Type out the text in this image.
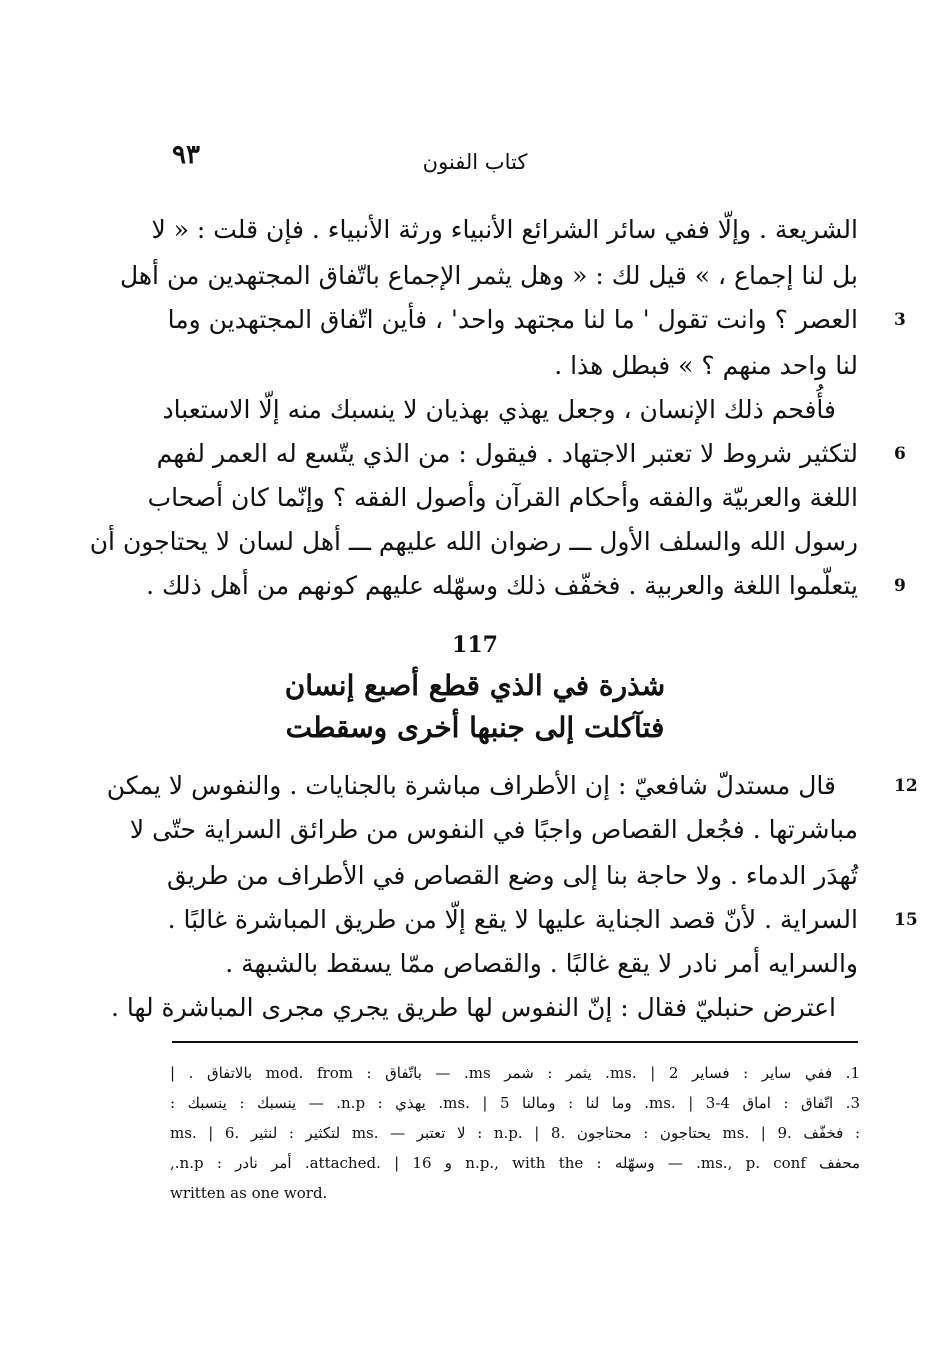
٩٣	كتاب الفنون
الشريعة . وإلّا ففي سائر الشرائع الأنبياء ورثة الأنبياء . فإن قلت : « لا
بل لنا إجماع ، » قيل لك : « وهل يثمر الإجماع باتّفاق المجتهدين من أهل
العصر ؟ وانت تقول ' ما لنا مجتهد واحد' ، فأين اتّفاق المجتهدين وما 3
لنا واحد منهم ؟ » فبطل هذا .
فأُفحم ذلك الإنسان ، وجعل يهذي بهذيان لا ينسبك منه إلّا الاستعباد
لتكثير شروط لا تعتبر الاجتهاد . فيقول : من الذي يتّسع له العمر لفهم 6
اللغة والعربيّة والفقه وأحكام القرآن وأصول الفقه ؟ وإنّما كان أصحاب
رسول الله والسلف الأول ـــ رضوان الله عليهم ـــ أهل لسان لا يحتاجون أن
يتعلّموا اللغة والعربية . فخفّف ذلك وسهّله عليهم كونهم من أهل ذلك . 9
117
شذرة في الذي قطع أصبع إنسان
فتآكلت إلى جنبها أخرى وسقطت
قال مستدلّ شافعيّ : إن الأطراف مباشرة بالجنايات . والنفوس لا يمكن	12
مباشرتها . فجُعل القصاص واجبًا في النفوس من طرائق السراية حتّى لا
تُهدَر الدماء . ولا حاجة بنا إلى وضع القصاص في الأطراف من طريق
السراية . لأنّ قصد الجناية عليها لا يقع إلّا من طريق المباشرة غالبًا . 15
والسرايه أمر نادر لا يقع غالبًا . والقصاص ممّا يسقط بالشبهة .
اعترض حنبليّ فقال : إنّ النفوس لها طريق يجري مجرى المباشرة لها .
1. ففي ساير : فساير ms. | 2. يثمر : شمر ms. — باتّفاق : mod. from بالاتفاق . |
3. اتّفاق : اماق ms. | 3-4. وما لنا : ومالنا ms. | 5. يهذي : n.p. — ينسبك : ينسبك :
ms. | 6. لتكثير : لنثير ms. — لا تعتبر : n.p. | 8. يحتاجون : محتاجون ms. | 9. فخفّف :
محفف ms., p. conf. — وسهّله : n.p., with the و attached. | 16. أمر نادر : n.p.,
written as one word.
